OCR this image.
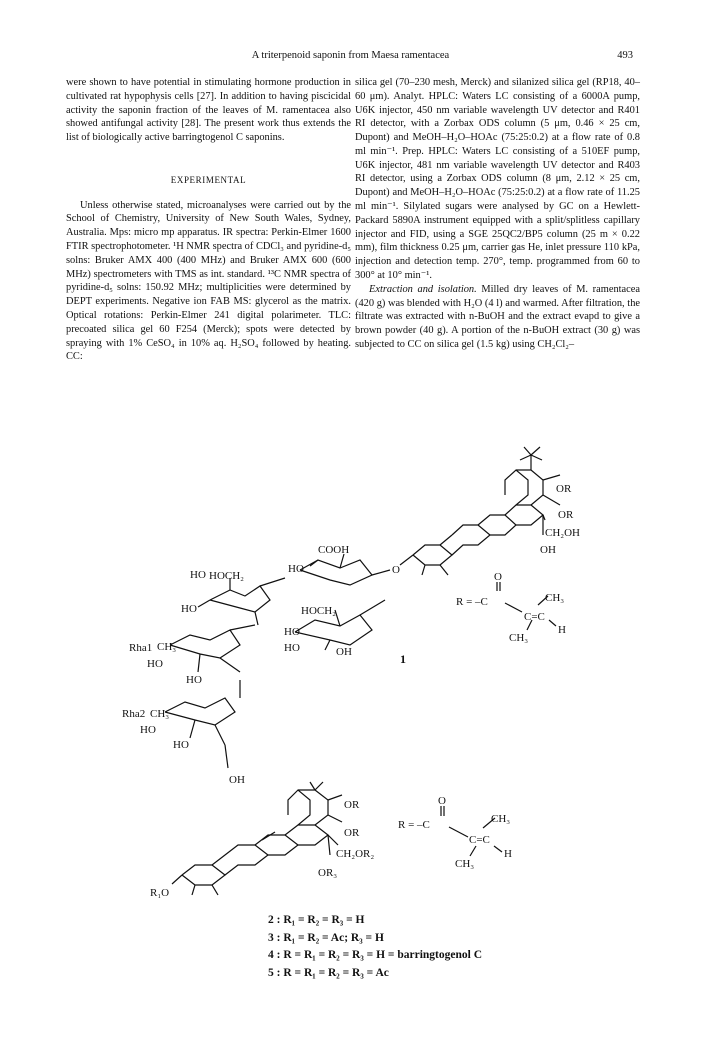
A triterpenoid saponin from Maesa ramentacea	493

were shown to have potential in stimulating hormone production in cultivated rat hypophysis cells [27]. In addition to having piscicidal activity the saponin fraction of the leaves of M. ramentacea also showed antifungal activity [28]. The present work thus extends the list of biologically active barringtogenol C saponins.

EXPERIMENTAL

Unless otherwise stated, microanalyses were carried out by the School of Chemistry, University of New South Wales, Sydney, Australia. Mps: micro mp apparatus. IR spectra: Perkin-Elmer 1600 FTIR spectrophotometer. ¹H NMR spectra of CDCl₃ and pyridine-d₅ solns: Bruker AMX 400 (400 MHz) and Bruker AMX 600 (600 MHz) spectrometers with TMS as int. standard. ¹³C NMR spectra of pyridine-d₅ solns: 150.92 MHz; multiplicities were determined by DEPT experiments. Negative ion FAB MS: glycerol as the matrix. Optical rotations: Perkin-Elmer 241 digital polarimeter. TLC: precoated silica gel 60 F254 (Merck); spots were detected by spraying with 1% CeSO₄ in 10% aq. H₂SO₄ followed by heating. CC:

silica gel (70–230 mesh, Merck) and silanized silica gel (RP18, 40–60 μm). Analyt. HPLC: Waters LC consisting of a 6000A pump, U6K injector, 450 nm variable wavelength UV detector and R401 RI detector, with a Zorbax ODS column (5 μm, 0.46 × 25 cm, Dupont) and MeOH–H₂O–HOAc (75:25:0.2) at a flow rate of 0.8 ml min⁻¹. Prep. HPLC: Waters LC consisting of a 510EF pump, U6K injector, 481 nm variable wavelength UV detector and R403 RI detector, using a Zorbax ODS column (8 μm, 2.12 × 25 cm, Dupont) and MeOH–H₂O–HOAc (75:25:0.2) at a flow rate of 11.25 ml min⁻¹. Silylated sugars were analysed by GC on a Hewlett-Packard 5890A instrument equipped with a split/splitless capillary injector and FID, using a SGE 25QC2/BP5 column (25 m × 0.22 mm), film thickness 0.25 μm, carrier gas He, inlet pressure 110 kPa, injection and detection temp. 270°, temp. programmed from 60 to 300° at 10° min⁻¹.

Extraction and isolation. Milled dry leaves of M. ramentacea (420 g) was blended with H₂O (4 l) and warmed. After filtration, the filtrate was extracted with n-BuOH and the extract evapd to give a brown powder (40 g). A portion of the n-BuOH extract (30 g) was subjected to CC on silica gel (1.5 kg) using CH₂Cl₂–

OR
OR
CH₂OH
OH
O
COOH
HO HOCH₂
HO
HO	HOCH₂
HO
HO	OH
Rha1 CH₃
HO
HO
Rha2 CH₃
HO
HO
OH
1
O
R = –C	CH₃
C=C
H
CH₃
OR
OR
CH₂OR₂
OR₃
R₁O
O
R = –C	CH₃
C=C
H
CH₃
2 : R₁ = R₂ = R₃ = H
3 : R₁ = R₂ = Ac; R₃ = H
4 : R = R₁ = R₂ = R₃ = H = barringtogenol C
5 : R = R₁ = R₂ = R₃ = Ac
